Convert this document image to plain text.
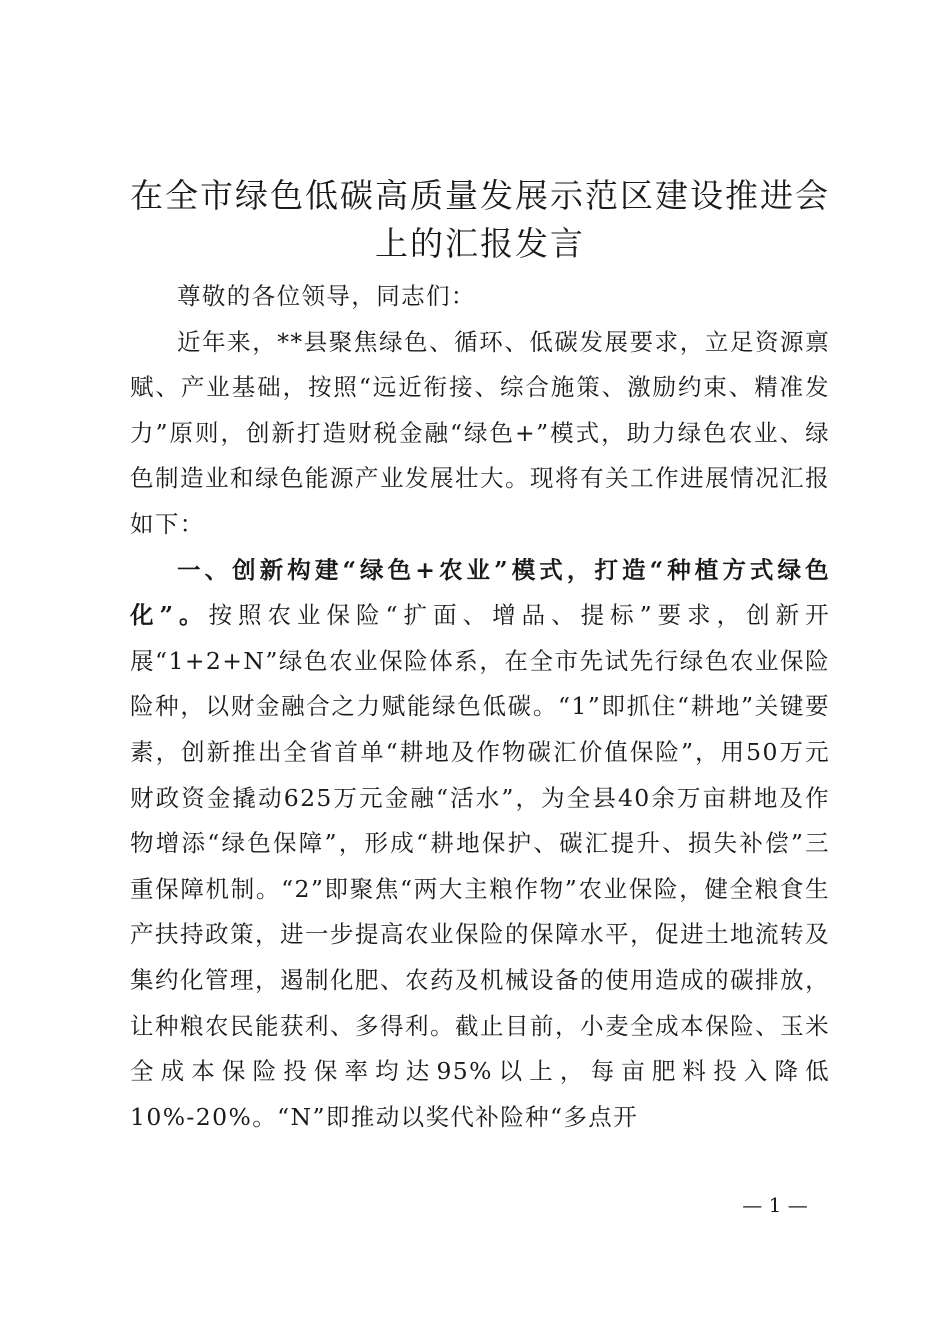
在全市绿色低碳高质量发展示范区建设推进会
上的汇报发言

尊敬的各位领导，同志们：

近年来，**县聚焦绿色、循环、低碳发展要求，立足资源禀赋、产业基础，按照“远近衔接、综合施策、激励约束、精准发力”原则，创新打造财税金融“绿色+”模式，助力绿色农业、绿色制造业和绿色能源产业发展壮大。现将有关工作进展情况汇报如下：

一、创新构建“绿色+农业”模式，打造“种植方式绿色化”。按照农业保险“扩面、增品、提标”要求，创新开展“1+2+N”绿色农业保险体系，在全市先试先行绿色农业保险险种，以财金融合之力赋能绿色低碳。“1”即抓住“耕地”关键要素，创新推出全省首单“耕地及作物碳汇价值保险”，用50万元财政资金撬动625万元金融“活水”，为全县40余万亩耕地及作物增添“绿色保障”，形成“耕地保护、碳汇提升、损失补偿”三重保障机制。“2”即聚焦“两大主粮作物”农业保险，健全粮食生产扶持政策，进一步提高农业保险的保障水平，促进土地流转及集约化管理，遏制化肥、农药及机械设备的使用造成的碳排放，让种粮农民能获利、多得利。截止目前，小麦全成本保险、玉米全成本保险投保率均达95%以上，每亩肥料投入降低10%-20%。“N”即推动以奖代补险种“多点开

— 1 —
